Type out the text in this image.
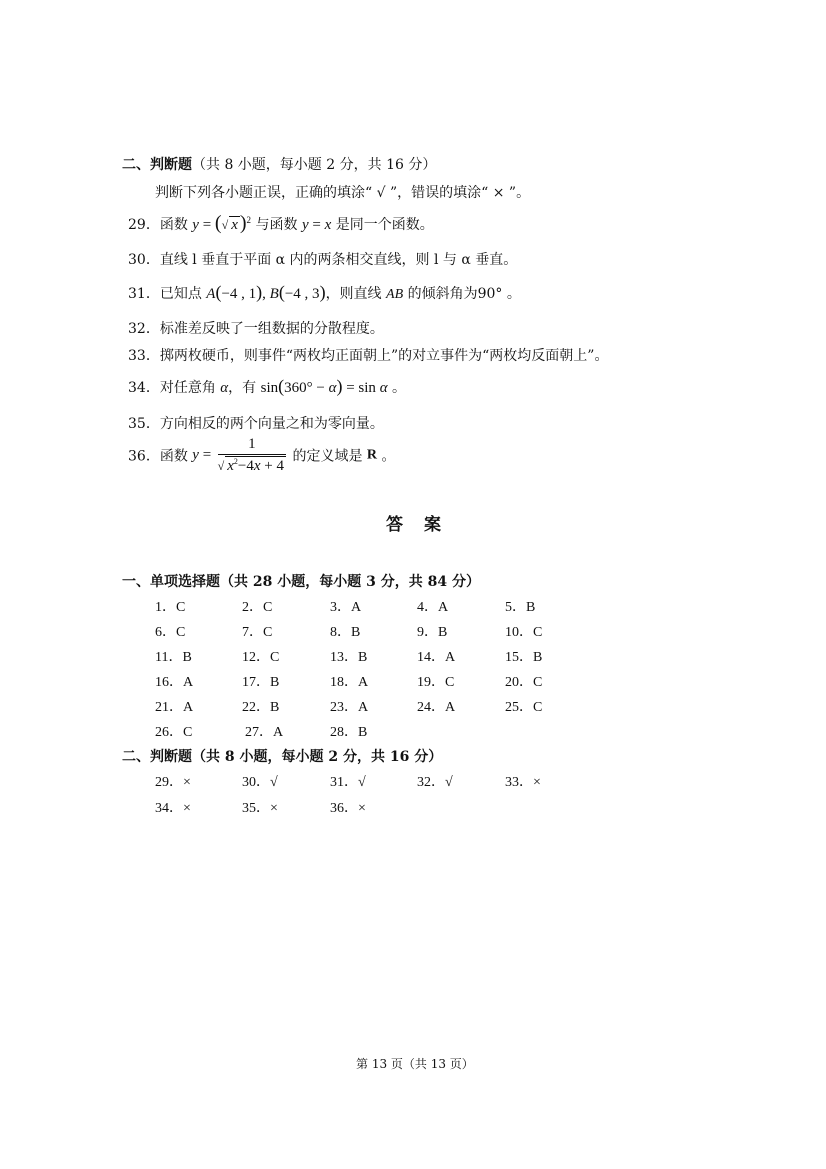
二、判断题（共 8 小题，每小题 2 分，共 16 分）
判断下列各小题正误，正确的填涂“ √ ”，错误的填涂“ × ”。
29．函数 y = (√ x )$^2$ 与函数 y = x 是同一个函数。
30．直线 l 垂直于平面 α 内的两条相交直线，则 l 与 α 垂直。
31．已知点 A(−4 , 1), B(−4 , 3)，则直线 AB 的倾斜角为90° 。
32．标准差反映了一组数据的分散程度。
33．掷两枚硬币，则事件“两枚均正面朝上”的对立事件为“两枚均反面朝上”。
34．对任意角 α，有 sin(360° − α) = sin α 。
35．方向相反的两个向量之和为零向量。
36．函数 $y = \frac{1}{√ x^2-4x + 4}$ 的定义域是 R 。
答　案
一、单项选择题（共 28 小题，每小题 3 分，共 84 分）
1．C	2．C	3．A	4．A	5．B
6．C	7．C	8．B	9．B	10．C
11．B	12．C	13．B	14．A	15．B
16．A	17．B	18．A	19．C	20．C
21．A	22．B	23．A	24．A	25．C
26．C	27．A	28．B
二、判断题（共 8 小题，每小题 2 分，共 16 分）
29．×	30．√	31．√	32．√	33．×
34．×	35．×	36．×
第 13 页（共 13 页）
